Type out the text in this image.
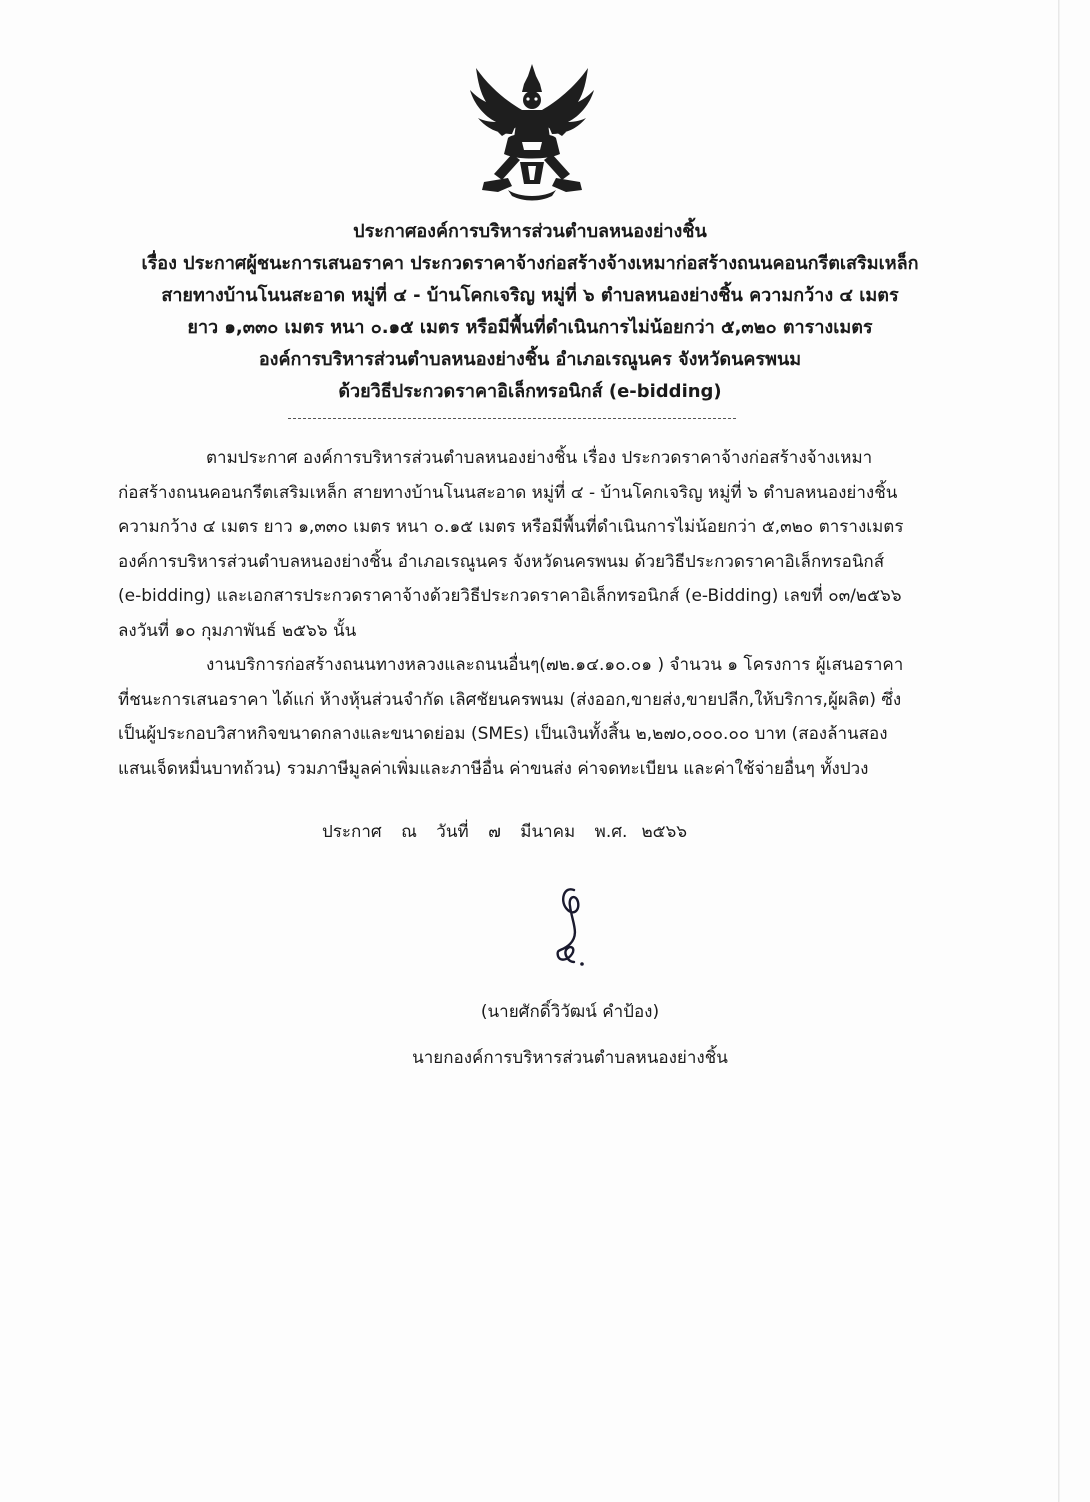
ประกาศองค์การบริหารส่วนตำบลหนองย่างชิ้น
เรื่อง ประกาศผู้ชนะการเสนอราคา ประกวดราคาจ้างก่อสร้างจ้างเหมาก่อสร้างถนนคอนกรีตเสริมเหล็ก
สายทางบ้านโนนสะอาด หมู่ที่ ๔ - บ้านโคกเจริญ หมู่ที่ ๖ ตำบลหนองย่างชิ้น ความกว้าง ๔ เมตร
ยาว ๑,๓๓๐ เมตร หนา ๐.๑๕ เมตร หรือมีพื้นที่ดำเนินการไม่น้อยกว่า ๕,๓๒๐ ตารางเมตร
องค์การบริหารส่วนตำบลหนองย่างชิ้น อำเภอเรณูนคร จังหวัดนครพนม
ด้วยวิธีประกวดราคาอิเล็กทรอนิกส์ (e-bidding)
ตามประกาศ องค์การบริหารส่วนตำบลหนองย่างชิ้น เรื่อง ประกวดราคาจ้างก่อสร้างจ้างเหมา
ก่อสร้างถนนคอนกรีตเสริมเหล็ก สายทางบ้านโนนสะอาด หมู่ที่ ๔ - บ้านโคกเจริญ หมู่ที่ ๖ ตำบลหนองย่างชิ้น
ความกว้าง ๔ เมตร ยาว ๑,๓๓๐ เมตร หนา ๐.๑๕ เมตร หรือมีพื้นที่ดำเนินการไม่น้อยกว่า ๕,๓๒๐ ตารางเมตร
องค์การบริหารส่วนตำบลหนองย่างชิ้น อำเภอเรณูนคร จังหวัดนครพนม ด้วยวิธีประกวดราคาอิเล็กทรอนิกส์
(e-bidding) และเอกสารประกวดราคาจ้างด้วยวิธีประกวดราคาอิเล็กทรอนิกส์ (e-Bidding) เลขที่ ๐๓/๒๕๖๖
ลงวันที่ ๑๐ กุมภาพันธ์ ๒๕๖๖ นั้น
งานบริการก่อสร้างถนนทางหลวงและถนนอื่นๆ(๗๒.๑๔.๑๐.๐๑ ) จำนวน ๑ โครงการ ผู้เสนอราคา
ที่ชนะการเสนอราคา ได้แก่ ห้างหุ้นส่วนจำกัด เลิศชัยนครพนม (ส่งออก,ขายส่ง,ขายปลีก,ให้บริการ,ผู้ผลิต) ซึ่ง
เป็นผู้ประกอบวิสาหกิจขนาดกลางและขนาดย่อม (SMEs) เป็นเงินทั้งสิ้น ๒,๒๗๐,๐๐๐.๐๐ บาท (สองล้านสอง
แสนเจ็ดหมื่นบาทถ้วน) รวมภาษีมูลค่าเพิ่มและภาษีอื่น ค่าขนส่ง ค่าจดทะเบียน และค่าใช้จ่ายอื่นๆ ทั้งปวง
ประกาศ ณ วันที่ ๗ มีนาคม พ.ศ. ๒๕๖๖
(นายศักดิ์วิวัฒน์ คำป้อง)
นายกองค์การบริหารส่วนตำบลหนองย่างชิ้น
